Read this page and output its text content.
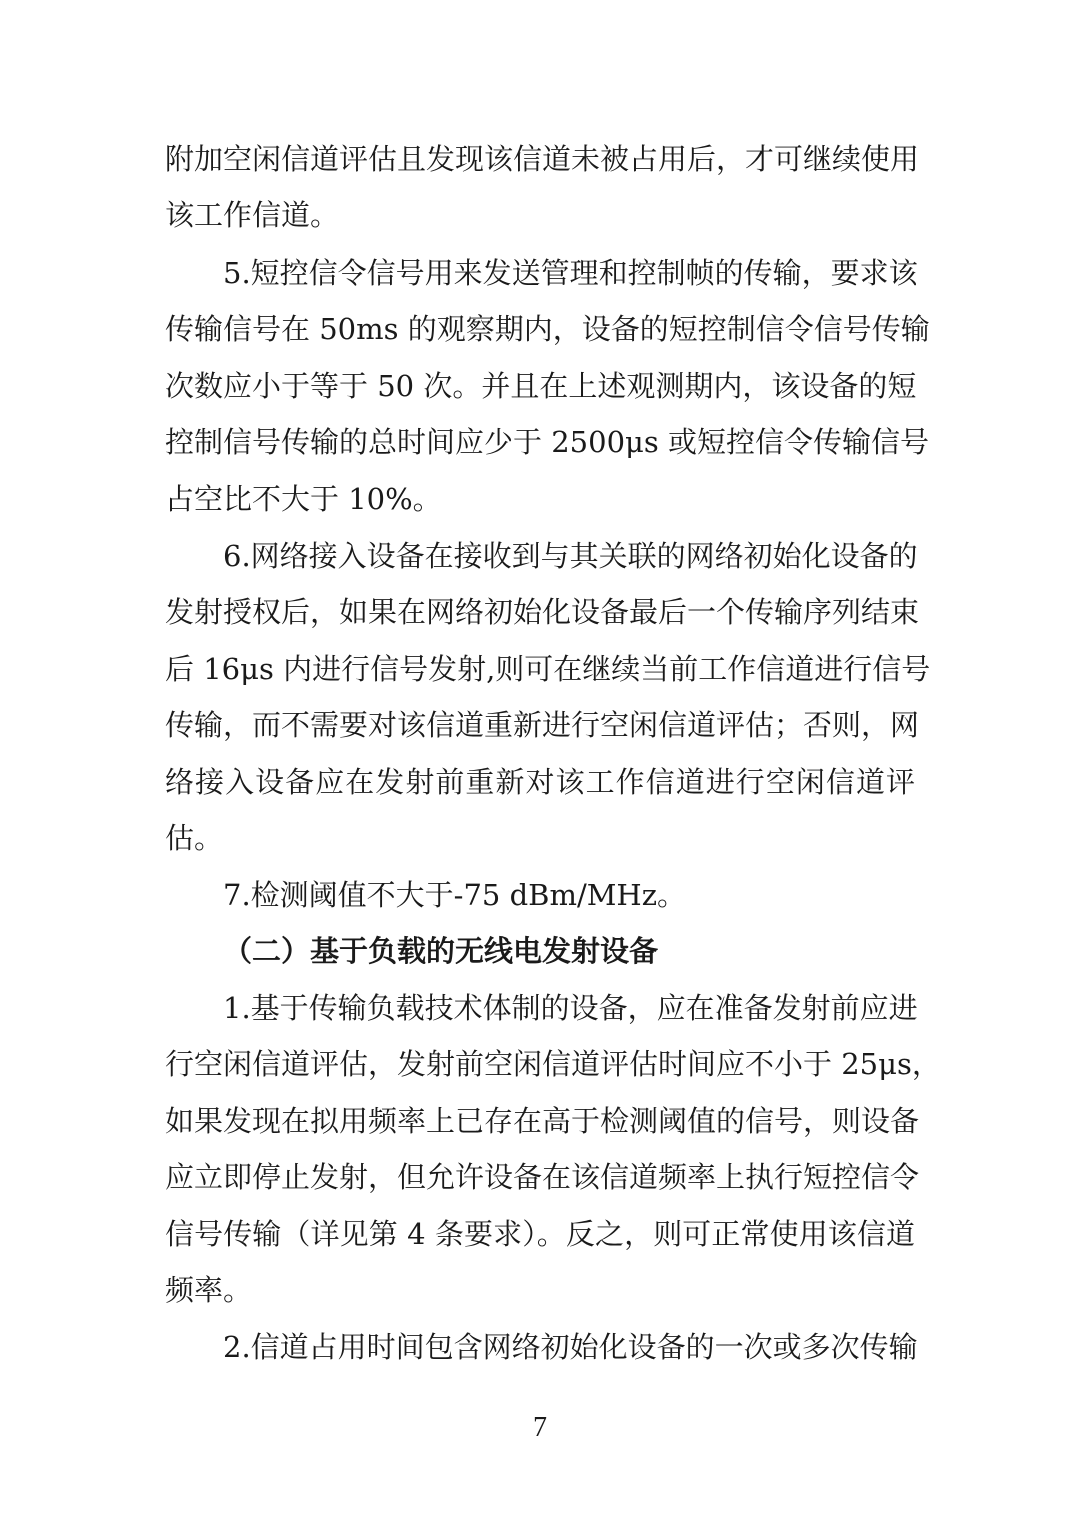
附加空闲信道评估且发现该信道未被占用后，才可继续使用
该工作信道。
5.短控信令信号用来发送管理和控制帧的传输，要求该
传输信号在 50ms 的观察期内，设备的短控制信令信号传输
次数应小于等于 50 次。并且在上述观测期内，该设备的短
控制信号传输的总时间应少于 2500μs 或短控信令传输信号
占空比不大于 10%。
6.网络接入设备在接收到与其关联的网络初始化设备的
发射授权后，如果在网络初始化设备最后一个传输序列结束
后 16μs 内进行信号发射,则可在继续当前工作信道进行信号
传输，而不需要对该信道重新进行空闲信道评估；否则，网
络接入设备应在发射前重新对该工作信道进行空闲信道评
估。
7.检测阈值不大于-75 dBm/MHz。
（二）基于负载的无线电发射设备
1.基于传输负载技术体制的设备，应在准备发射前应进
行空闲信道评估，发射前空闲信道评估时间应不小于 25μs，
如果发现在拟用频率上已存在高于检测阈值的信号，则设备
应立即停止发射，但允许设备在该信道频率上执行短控信令
信号传输（详见第 4 条要求）。反之，则可正常使用该信道
频率。
2.信道占用时间包含网络初始化设备的一次或多次传输
7
